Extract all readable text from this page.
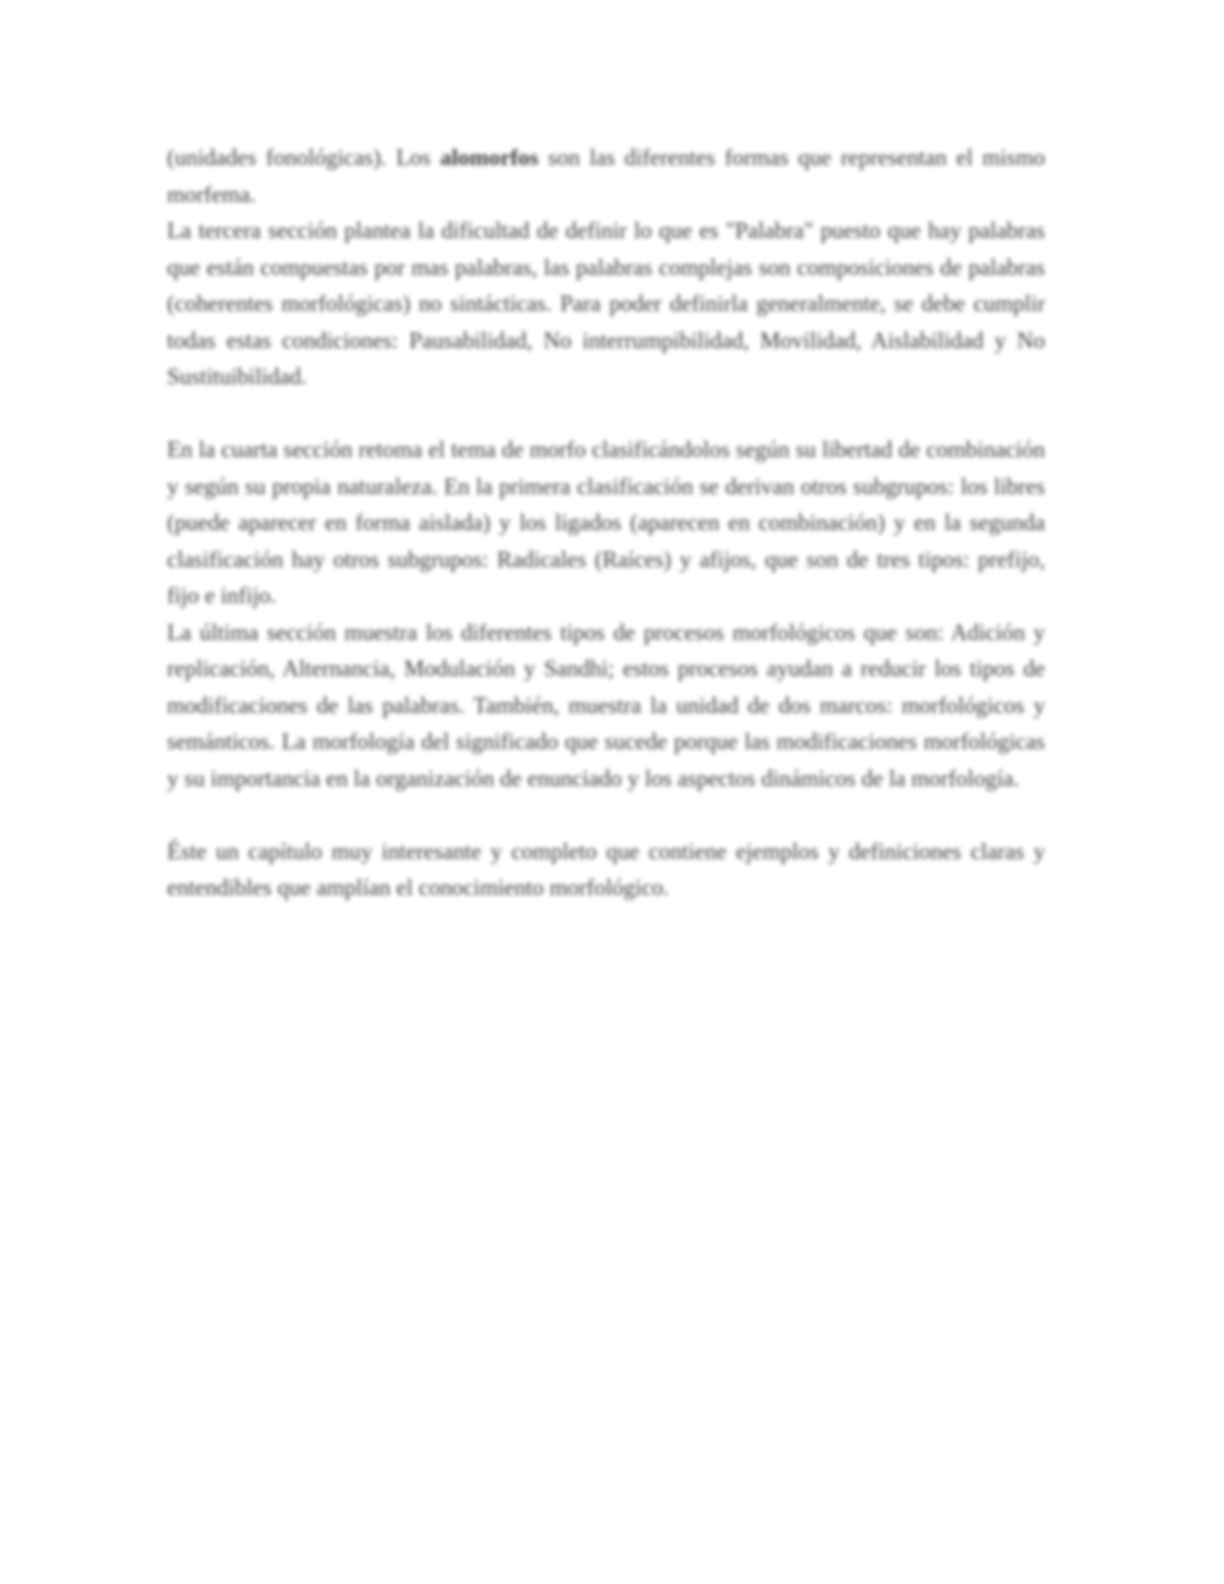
(unidades fonológicas). Los alomorfos son las diferentes formas que representan el mismo morfema.

La tercera sección plantea la dificultad de definir lo que es "Palabra" puesto que hay palabras que están compuestas por mas palabras, las palabras complejas son composiciones de palabras (coherentes morfológicas) no sintácticas. Para poder definirla generalmente, se debe cumplir todas estas condiciones: Pausabilidad, No interrumpibilidad, Movilidad, Aislabilidad y No Sustituibilidad.

En la cuarta sección retoma el tema de morfo clasificándolos según su libertad de combinación y según su propia naturaleza. En la primera clasificación se derivan otros subgrupos: los libres (puede aparecer en forma aislada) y los ligados (aparecen en combinación) y en la segunda clasificación hay otros subgrupos: Radicales (Raíces) y afijos, que son de tres tipos: prefijo, fijo e infijo.

La última sección muestra los diferentes tipos de procesos morfológicos que son: Adición y replicación, Alternancia, Modulación y Sandhi; estos procesos ayudan a reducir los tipos de modificaciones de las palabras. También, muestra la unidad de dos marcos: morfológicos y semánticos. La morfología del significado que sucede porque las modificaciones morfológicas y su importancia en la organización de enunciado y los aspectos dinámicos de la morfología.

Éste un capítulo muy interesante y completo que contiene ejemplos y definiciones claras y entendibles que amplían el conocimiento morfológico.
